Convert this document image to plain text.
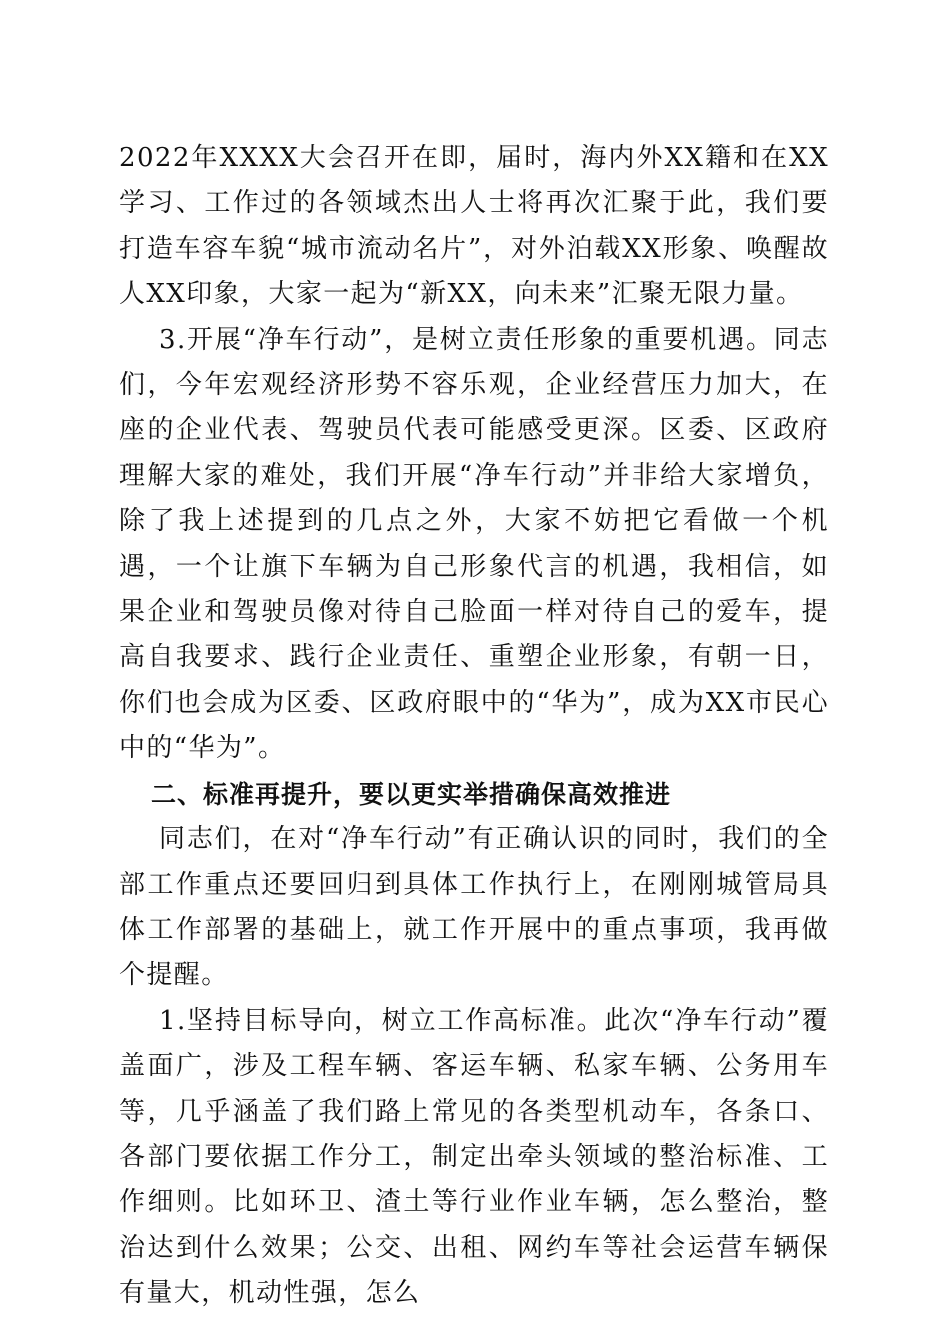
2022年XXXX大会召开在即，届时，海内外XX籍和在XX学习、工作过的各领域杰出人士将再次汇聚于此，我们要打造车容车貌“城市流动名片”，对外泊载XX形象、唤醒故人XX印象，大家一起为“新XX，向未来”汇聚无限力量。

3.开展“净车行动”，是树立责任形象的重要机遇。同志们，今年宏观经济形势不容乐观，企业经营压力加大，在座的企业代表、驾驶员代表可能感受更深。区委、区政府理解大家的难处，我们开展“净车行动”并非给大家增负，除了我上述提到的几点之外，大家不妨把它看做一个机遇，一个让旗下车辆为自己形象代言的机遇，我相信，如果企业和驾驶员像对待自己脸面一样对待自己的爱车，提高自我要求、践行企业责任、重塑企业形象，有朝一日，你们也会成为区委、区政府眼中的“华为”，成为XX市民心中的“华为”。

二、标准再提升，要以更实举措确保高效推进

同志们，在对“净车行动”有正确认识的同时，我们的全部工作重点还要回归到具体工作执行上，在刚刚城管局具体工作部署的基础上，就工作开展中的重点事项，我再做个提醒。

1.坚持目标导向，树立工作高标准。此次“净车行动”覆盖面广，涉及工程车辆、客运车辆、私家车辆、公务用车等，几乎涵盖了我们路上常见的各类型机动车，各条口、各部门要依据工作分工，制定出牵头领域的整治标准、工作细则。比如环卫、渣土等行业作业车辆，怎么整治，整治达到什么效果；公交、出租、网约车等社会运营车辆保有量大，机动性强，怎么
